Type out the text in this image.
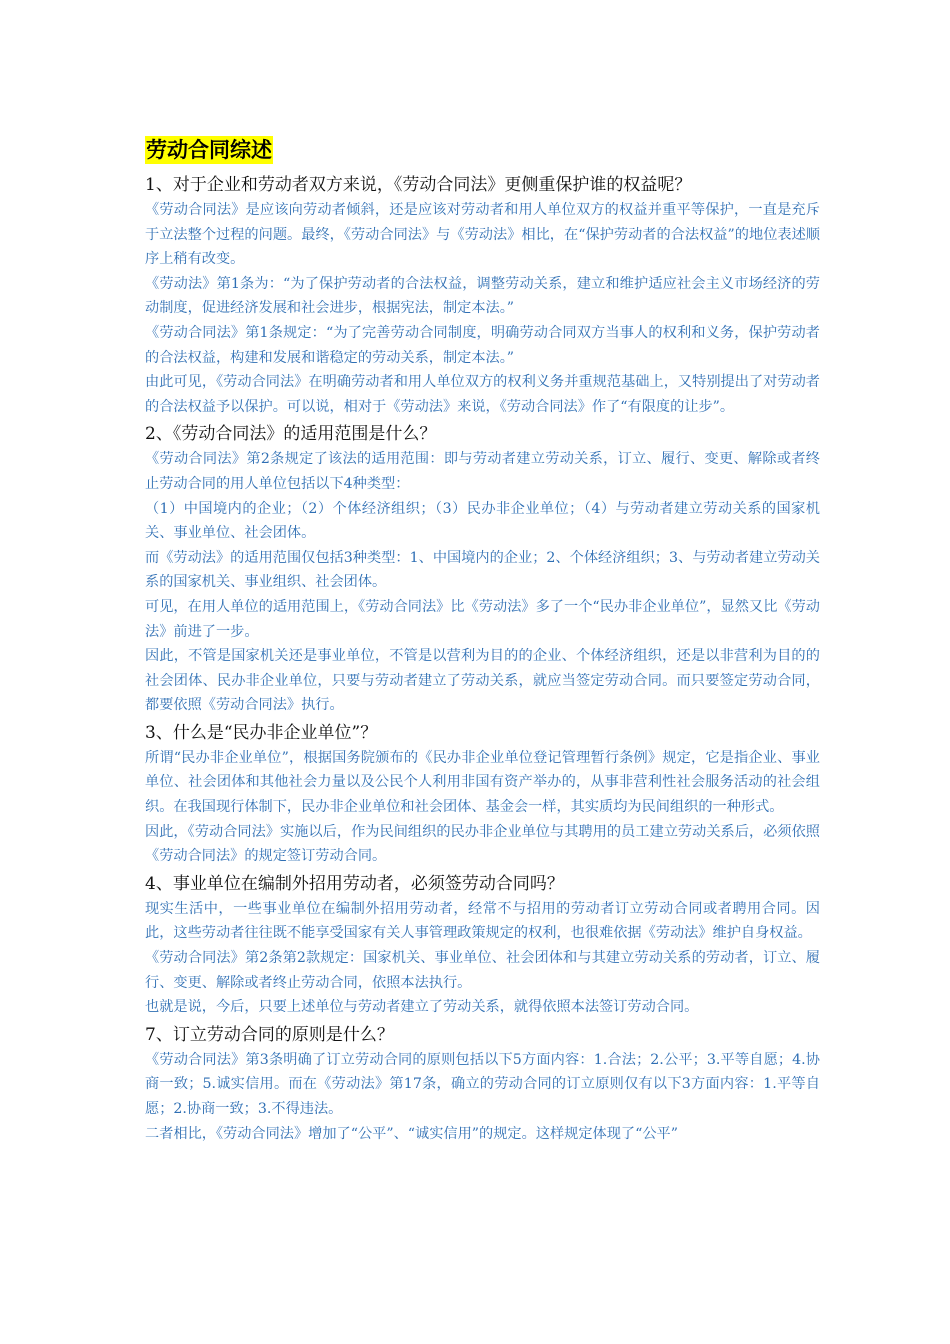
劳动合同综述
1、对于企业和劳动者双方来说，《劳动合同法》更侧重保护谁的权益呢？

《劳动合同法》是应该向劳动者倾斜，还是应该对劳动者和用人单位双方的权益并重平等保护，一直是充斥于立法整个过程的问题。最终，《劳动合同法》与《劳动法》相比，在“保护劳动者的合法权益”的地位表述顺序上稍有改变。

《劳动法》第1条为：“为了保护劳动者的合法权益，调整劳动关系，建立和维护适应社会主义市场经济的劳动制度，促进经济发展和社会进步，根据宪法，制定本法。”

《劳动合同法》第1条规定：“为了完善劳动合同制度，明确劳动合同双方当事人的权利和义务，保护劳动者的合法权益，构建和发展和谐稳定的劳动关系，制定本法。”

由此可见，《劳动合同法》在明确劳动者和用人单位双方的权利义务并重规范基础上，又特别提出了对劳动者的合法权益予以保护。可以说，相对于《劳动法》来说，《劳动合同法》作了“有限度的让步”。

2、《劳动合同法》的适用范围是什么？

《劳动合同法》第2条规定了该法的适用范围：即与劳动者建立劳动关系，订立、履行、变更、解除或者终止劳动合同的用人单位包括以下4种类型：

（1）中国境内的企业；（2）个体经济组织；（3）民办非企业单位；（4）与劳动者建立劳动关系的国家机关、事业单位、社会团体。

而《劳动法》的适用范围仅包括3种类型：1、中国境内的企业；2、个体经济组织；3、与劳动者建立劳动关系的国家机关、事业组织、社会团体。

可见，在用人单位的适用范围上，《劳动合同法》比《劳动法》多了一个“民办非企业单位”，显然又比《劳动法》前进了一步。

因此，不管是国家机关还是事业单位，不管是以营利为目的的企业、个体经济组织，还是以非营利为目的的社会团体、民办非企业单位，只要与劳动者建立了劳动关系，就应当签定劳动合同。而只要签定劳动合同，都要依照《劳动合同法》执行。

3、什么是“民办非企业单位”？

所谓“民办非企业单位”，根据国务院颁布的《民办非企业单位登记管理暂行条例》规定，它是指企业、事业单位、社会团体和其他社会力量以及公民个人利用非国有资产举办的，从事非营利性社会服务活动的社会组织。在我国现行体制下，民办非企业单位和社会团体、基金会一样，其实质均为民间组织的一种形式。

因此，《劳动合同法》实施以后，作为民间组织的民办非企业单位与其聘用的员工建立劳动关系后，必须依照《劳动合同法》的规定签订劳动合同。

4、事业单位在编制外招用劳动者，必须签劳动合同吗？

现实生活中，一些事业单位在编制外招用劳动者，经常不与招用的劳动者订立劳动合同或者聘用合同。因此，这些劳动者往往既不能享受国家有关人事管理政策规定的权利，也很难依据《劳动法》维护自身权益。

《劳动合同法》第2条第2款规定：国家机关、事业单位、社会团体和与其建立劳动关系的劳动者，订立、履行、变更、解除或者终止劳动合同，依照本法执行。

也就是说，今后，只要上述单位与劳动者建立了劳动关系，就得依照本法签订劳动合同。

7、订立劳动合同的原则是什么？

《劳动合同法》第3条明确了订立劳动合同的原则包括以下5方面内容：1.合法；2.公平；3.平等自愿；4.协商一致；5.诚实信用。而在《劳动法》第17条，确立的劳动合同的订立原则仅有以下3方面内容：1.平等自愿；2.协商一致；3.不得违法。

二者相比，《劳动合同法》增加了“公平”、“诚实信用”的规定。这样规定体现了“公平”
